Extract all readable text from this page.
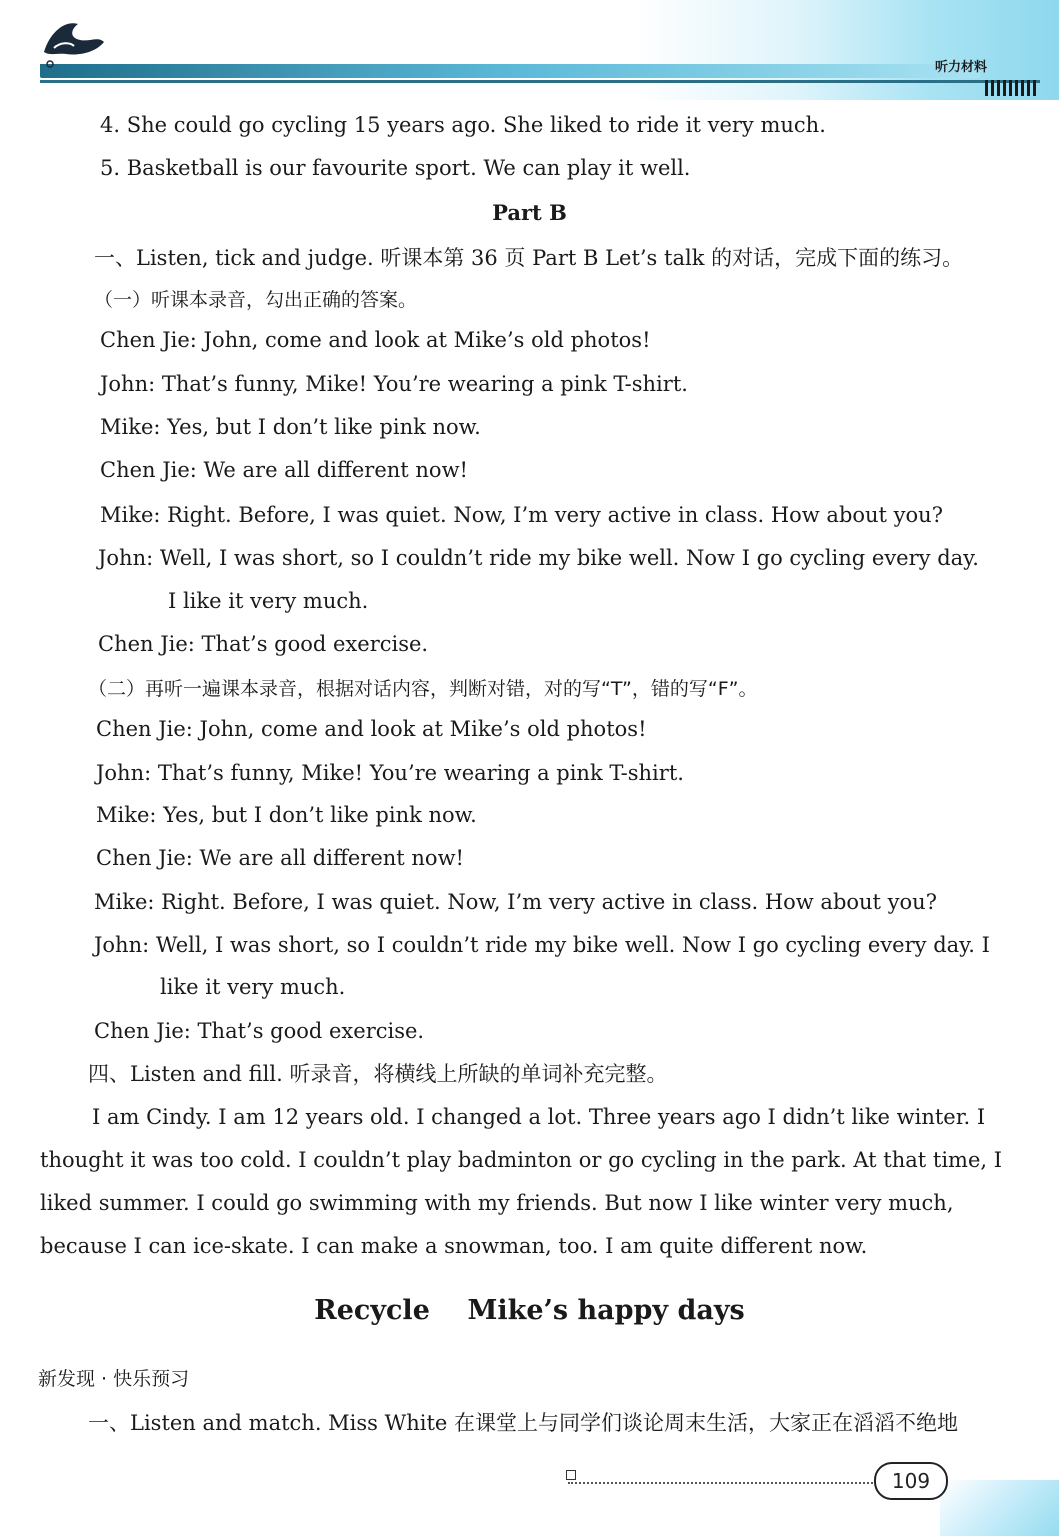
听力材料
4. She could go cycling 15 years ago. She liked to ride it very much.
5. Basketball is our favourite sport. We can play it well.
Part B
一、Listen, tick and judge. 听课本第 36 页 Part B Let’s talk 的对话，完成下面的练习。
（一）听课本录音，勾出正确的答案。
Chen Jie: John, come and look at Mike’s old photos!
John: That’s funny, Mike! You’re wearing a pink T-shirt.
Mike: Yes, but I don’t like pink now.
Chen Jie: We are all different now!
Mike: Right. Before, I was quiet. Now, I’m very active in class. How about you?
John: Well, I was short, so I couldn’t ride my bike well. Now I go cycling every day.
I like it very much.
Chen Jie: That’s good exercise.
（二）再听一遍课本录音，根据对话内容，判断对错，对的写“T”，错的写“F”。
Chen Jie: John, come and look at Mike’s old photos!
John: That’s funny, Mike! You’re wearing a pink T-shirt.
Mike: Yes, but I don’t like pink now.
Chen Jie: We are all different now!
Mike: Right. Before, I was quiet. Now, I’m very active in class. How about you?
John: Well, I was short, so I couldn’t ride my bike well. Now I go cycling every day. I
like it very much.
Chen Jie: That’s good exercise.
四、Listen and fill. 听录音，将横线上所缺的单词补充完整。
I am Cindy. I am 12 years old. I changed a lot. Three years ago I didn’t like winter. I
thought it was too cold. I couldn’t play badminton or go cycling in the park. At that time, I
liked summer. I could go swimming with my friends. But now I like winter very much,
because I can ice-skate. I can make a snowman, too. I am quite different now.
Recycle    Mike’s happy days
新发现 · 快乐预习
一、Listen and match. Miss White 在课堂上与同学们谈论周末生活，大家正在滔滔不绝地
109
